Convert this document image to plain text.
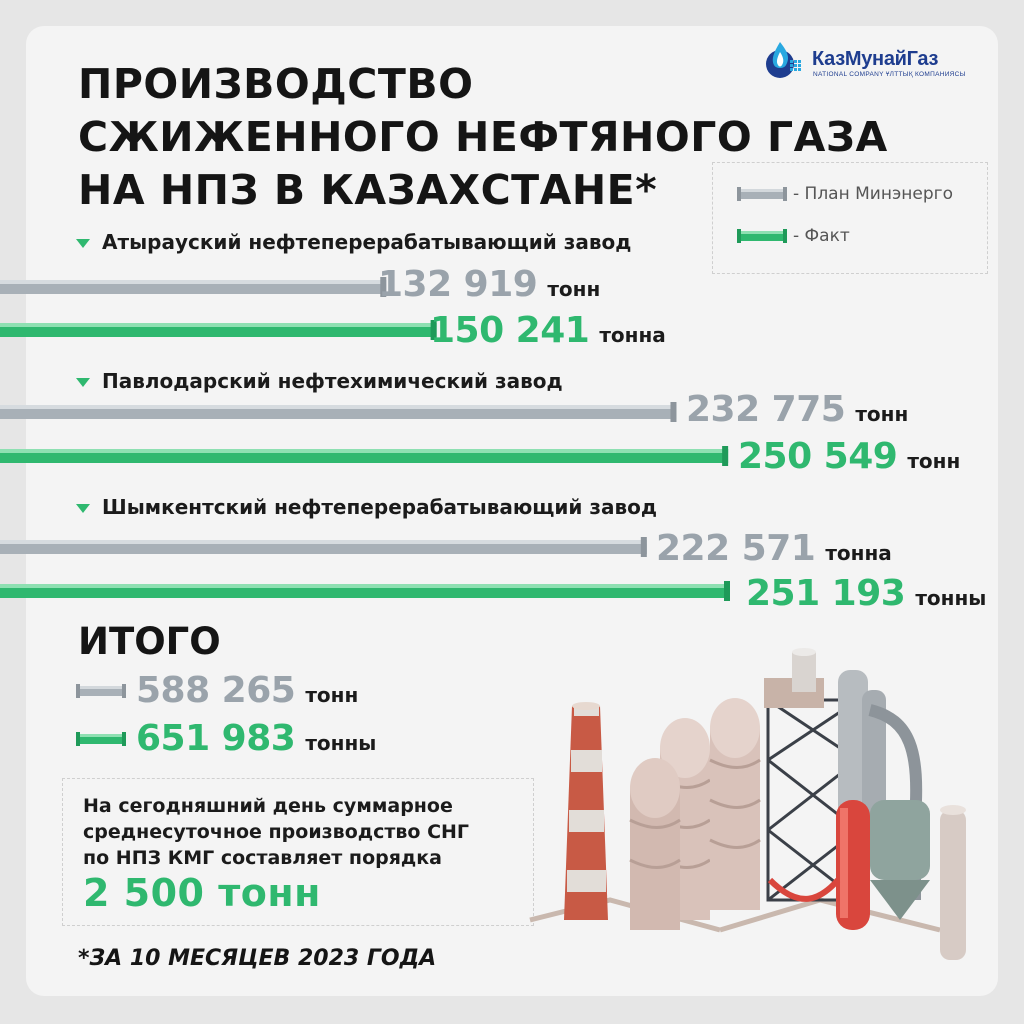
ПРОИЗВОДСТВО
СЖИЖЕННОГО НЕФТЯНОГО ГАЗА
НА НПЗ В КАЗАХСТАНЕ*
КазМунайГаз
NATIONAL COMPANY ҰЛТТЫҚ КОМПАНИЯСЫ
- План Минэнерго
- Факт
Атырауский нефтеперерабатывающий завод
Павлодарский нефтехимический завод
Шымкентский нефтеперерабатывающий завод
132 919 тонн
150 241 тонна
232 775 тонн
250 549 тонн
222 571 тонна
251 193 тонны
ИТОГО
588 265 тонн
651 983 тонны
На сегодняшний день суммарное
среднесуточное производство СНГ
по НПЗ КМГ составляет порядка
2 500 тонн
*ЗА 10 МЕСЯЦЕВ 2023 ГОДА
